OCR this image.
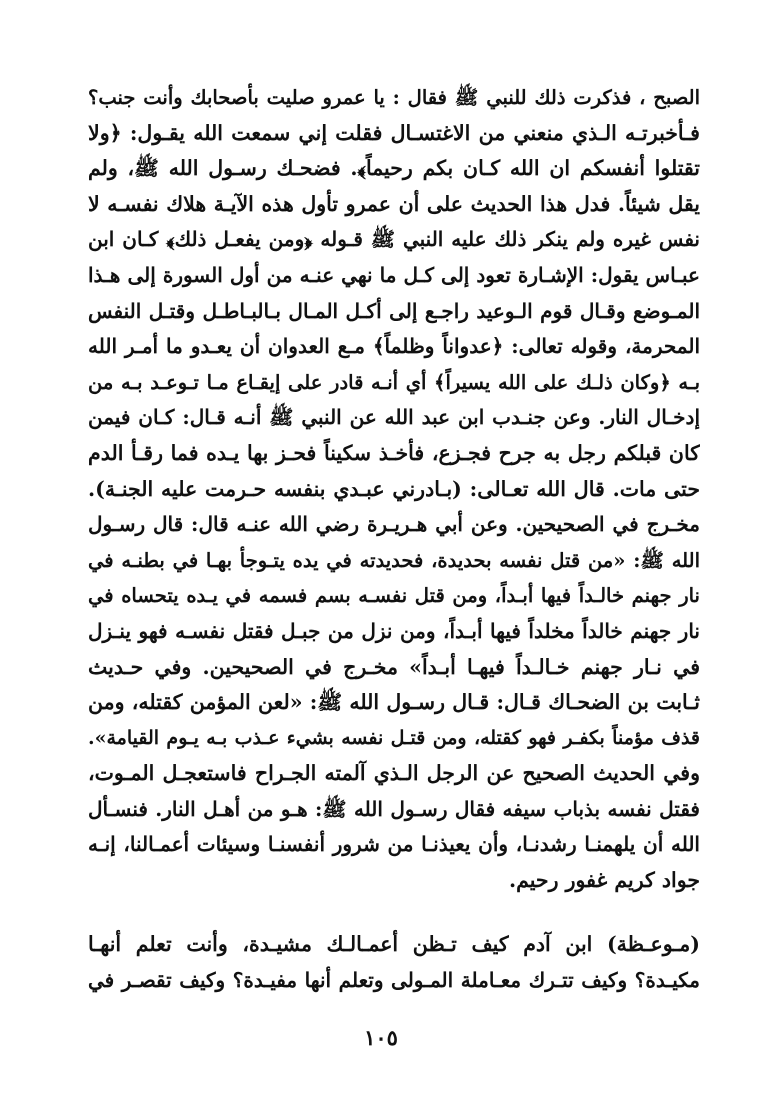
الصبح ، فذكرت ذلك للنبي ﷺ فقال : يا عمرو صليت بأصحابك وأنت جنب؟
فـأخبرتـه الـذي منعني من الاغتسـال فقلت إني سمعت الله يقـول: ﴿ولا
تقتلوا أنفسكم ان الله كـان بكم رحيماً﴾. فضحـك رسـول الله ﷺ، ولم
يقل شيئاً. فدل هذا الحديث على أن عمرو تأول هذه الآيـة هلاك نفسـه لا
نفس غيره ولم ينكر ذلك عليه النبي ﷺ قـوله ﴿ومن يفعـل ذلك﴾ كـان ابن
عبـاس يقول: الإشـارة تعود إلى كـل ما نهي عنـه من أول السورة إلى هـذا
المـوضع وقـال قوم الـوعيد راجـع إلى أكـل المـال بـالبـاطـل وقتـل النفس
المحرمة، وقوله تعالى: ﴿عدواناً وظلماً﴾ مـع العدوان أن يعـدو ما أمـر الله
بـه ﴿وكان ذلـك على الله يسيراً﴾ أي أنـه قادر على إيقـاع مـا تـوعـد بـه من
إدخـال النار. وعن جنـدب ابن عبد الله عن النبي ﷺ أنـه قـال: كـان فيمن
كان قبلكم رجل به جرح فجـزع، فأخـذ سكيناً فحـز بها يـده فما رقـأ الدم
حتى مات. قال الله تعـالى: (بـادرني عبـدي بنفسه حـرمت عليه الجنـة).
مخـرج في الصحيحين. وعن أبي هـريـرة رضي الله عنـه قال: قال رسـول
الله ﷺ: «من قتل نفسه بحديدة، فحديدته في يده يتـوجأ بهـا في بطنـه في
نار جهنم خالـداً فيها أبـداً، ومن قتل نفسـه بسم فسمه في يـده يتحساه في
نار جهنم خالداً مخلداً فيها أبـداً، ومن نزل من جبـل فقتل نفسـه فهو ينـزل
في نـار جهنم خـالـداً فيهـا أبـداً» مخـرج في الصحيحين. وفي حـديث
ثـابت بن الضحـاك قـال: قـال رسـول الله ﷺ: «لعن المؤمن كقتله، ومن
قذف مؤمناً بكفـر فهو كقتله، ومن قتـل نفسه بشيء عـذب بـه يـوم القيامة».
وفي الحديث الصحيح عن الرجل الـذي آلمته الجـراح فاستعجـل المـوت،
فقتل نفسه بذباب سيفه فقال رسـول الله ﷺ: هـو من أهـل النار. فنسـأل
الله أن يلهمنـا رشدنـا، وأن يعيذنـا من شرور أنفسنـا وسيئات أعمـالنا، إنـه
جواد كريم غفور رحيم.
(مـوعـظة) ابن آدم كيف تـظن أعمـالـك مشيـدة، وأنت تعلم أنهـا
مكيـدة؟ وكيف تتـرك معـاملة المـولى وتعلم أنها مفيـدة؟ وكيف تقصـر في
١٠٥
